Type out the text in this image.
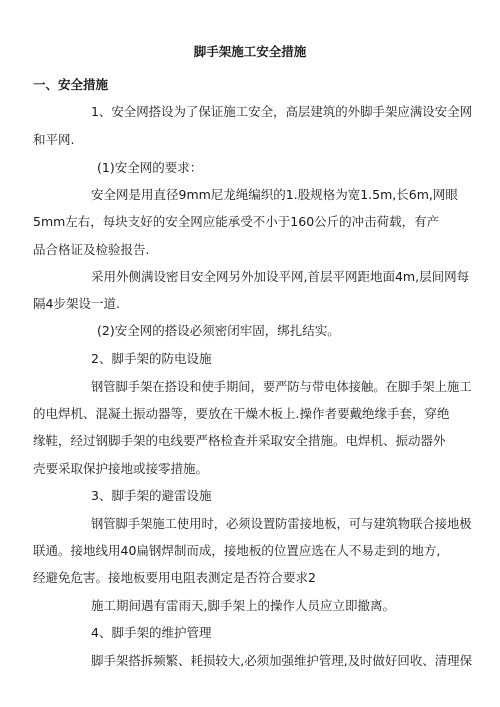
脚手架施工安全措施
一、安全措施
1、安全网搭设为了保证施工安全，高层建筑的外脚手架应满设安全网
和平网.
(1)安全网的要求：
安全网是用直径9mm尼龙绳编织的1.股规格为宽1.5m,长6m,网眼
5mm左右，每块支好的安全网应能承受不小于160公斤的冲击荷载，有产
品合格证及检验报告.
采用外侧满设密目安全网另外加设平网,首层平网距地面4m,层间网每
隔4步架设一道.
(2)安全网的搭设必须密闭牢固，绑扎结实。
2、脚手架的防电设施
钢管脚手架在搭设和使手期间，要严防与带电体接触。在脚手架上施工
的电焊机、混凝土振动器等，要放在干燥木板上.操作者要戴绝缘手套，穿绝
缘鞋，经过钢脚手架的电线要严格检查并采取安全措施。电焊机、振动器外
壳要采取保护接地或接零措施。
3、脚手架的避雷设施
钢管脚手架施工使用时，必须设置防雷接地板，可与建筑物联合接地极
联通。接地线用40扁钢焊制而成，接地板的位置应选在人不易走到的地方,
经避免危害。接地板要用电阻表测定是否符合要求2
施工期间遇有雷雨天,脚手架上的操作人员应立即撤离。
4、脚手架的维护管理
脚手架搭拆频繁、耗损较大,必须加强维护管理,及时做好回收、清理保
